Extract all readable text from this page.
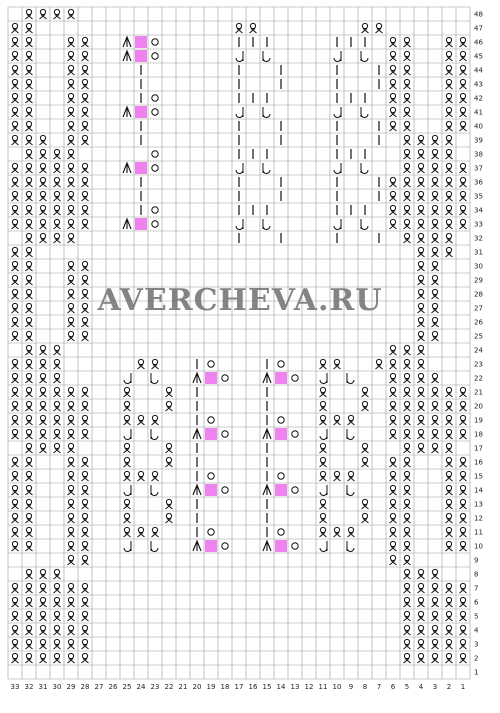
33 32 31 30 29 28 27 26 25 24 23 22 21 20 19 18 17 16 15 14 13 12 11 10 9 8 7 6 5 4 3 2 1
48
47
46
45
44
43
42
41
40
39
38
37
36
35
34
33
32
31
30
29
28
27
26
25
24
23
22
21
20
19
18
17
16
15
14
13
12
11
10
9
8
7
6
5
4
3
2
1
AVERCHEVA.RU
